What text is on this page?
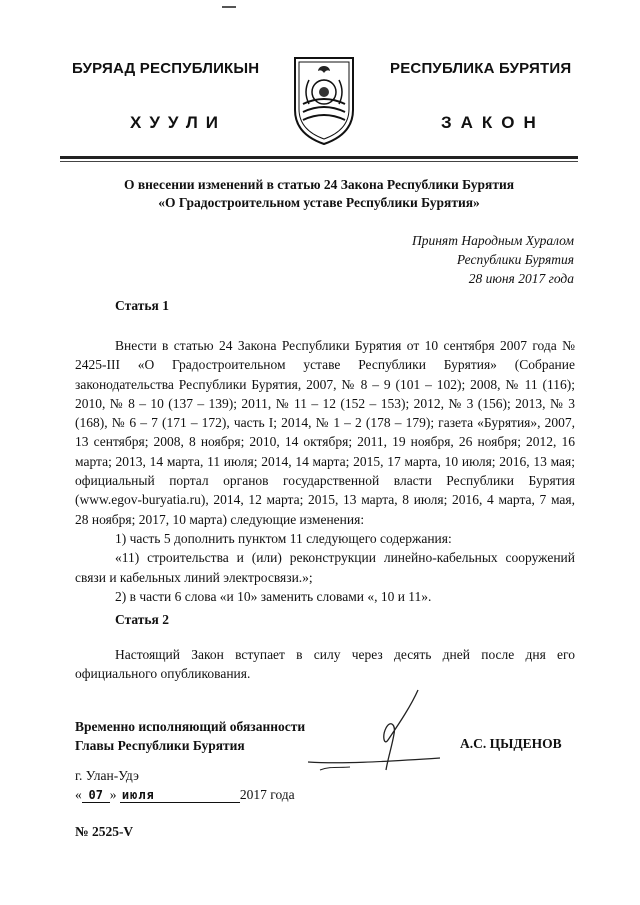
БУРЯАД РЕСПУБЛИКЫН	РЕСПУБЛИКА БУРЯТИЯ
ХУУЛИ	ЗАКОН
О внесении изменений в статью 24 Закона Республики Бурятия
«О Градостроительном уставе Республики Бурятия»
Принят Народным Хуралом
Республики Бурятия
28 июня 2017 года
Статья 1

Внести в статью 24 Закона Республики Бурятия от 10 сентября 2007 года № 2425-III «О Градостроительном уставе Республики Бурятия» (Собрание законодательства Республики Бурятия, 2007, № 8 – 9 (101 – 102); 2008, № 11 (116); 2010, № 8 – 10 (137 – 139); 2011, № 11 – 12 (152 – 153); 2012, № 3 (156); 2013, № 3 (168), № 6 – 7 (171 – 172), часть I; 2014, № 1 – 2 (178 – 179); газета «Бурятия», 2007, 13 сентября; 2008, 8 ноября; 2010, 14 октября; 2011, 19 ноября, 26 ноября; 2012, 16 марта; 2013, 14 марта, 11 июля; 2014, 14 марта; 2015, 17 марта, 10 июля; 2016, 13 мая; официальный портал органов государственной власти Республики Бурятия (www.egov-buryatia.ru), 2014, 12 марта; 2015, 13 марта, 8 июля; 2016, 4 марта, 7 мая, 28 ноября; 2017, 10 марта) следующие изменения:

1) часть 5 дополнить пунктом 11 следующего содержания:

«11) строительства и (или) реконструкции линейно-кабельных сооружений связи и кабельных линий электросвязи.»;

2) в части 6 слова «и 10» заменить словами «, 10 и 11».

Статья 2

Настоящий Закон вступает в силу через десять дней после дня его официального опубликования.

Временно исполняющий обязанности
Главы Республики Бурятия	А.С. ЦЫДЕНОВ
г. Улан-Удэ
« 07 » июля	2017 года
№ 2525-V
